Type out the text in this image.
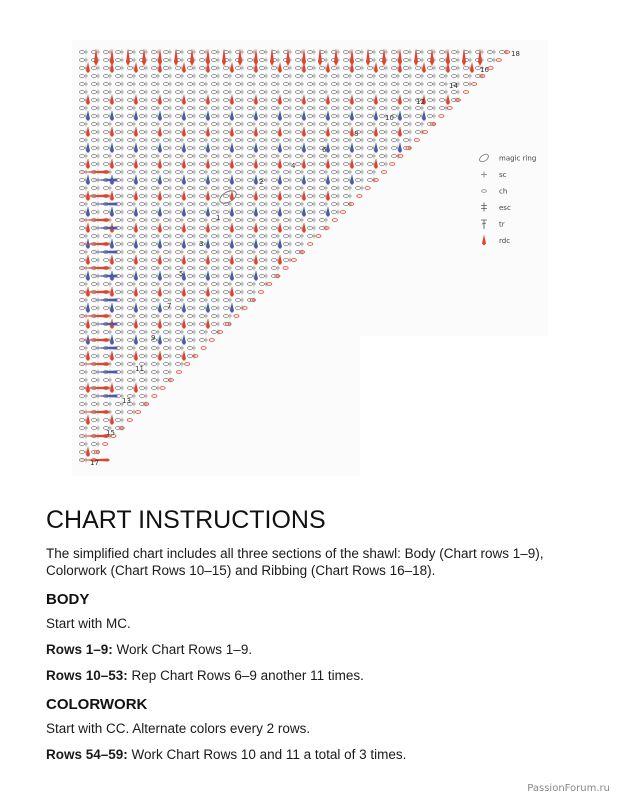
18
16
14
12
10
8
6
4
2
1
3
5
7
9
11
13
15
17
magic ring
sc
ch
esc
tr
rdc
CHART INSTRUCTIONS

The simplified chart includes all three sections of the shawl: Body (Chart rows 1–9), Colorwork (Chart Rows 10–15) and Ribbing (Chart Rows 16–18).

BODY

Start with MC.

Rows 1–9: Work Chart Rows 1–9.

Rows 10–53: Rep Chart Rows 6–9 another 11 times.

COLORWORK

Start with CC. Alternate colors every 2 rows.

Rows 54–59: Work Chart Rows 10 and 11 a total of 3 times.

PassionForum.ru
